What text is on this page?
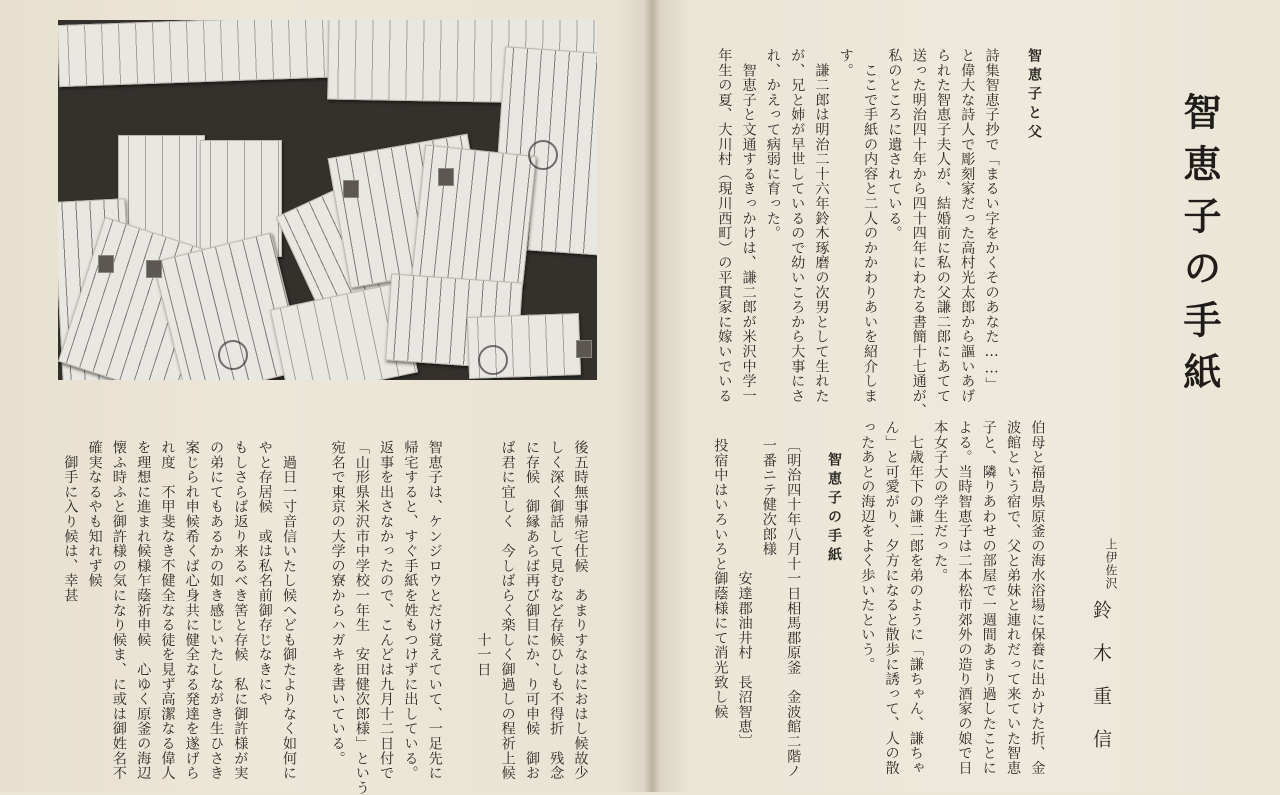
智恵子の手紙

上伊佐沢

鈴木重信

伯母と福島県原釜の海水浴場に保養に出かけた折、金
波館という宿で、父と弟妹と連れだって来ていた智恵
子と、隣りあわせの部屋で一週間あまり過したことに
よる。当時智恵子は二本松市郊外の造り酒家の娘で日
本女子大の学生だった。
　七歳年下の謙二郎を弟のように「謙ちゃん、謙ちゃ
ん」と可愛がり、夕方になると散歩に誘って、人の散
ったあとの海辺をよく歩いたという。

智恵子の手紙

〔明治四十年八月十一日相馬郡原釜　金波館二階ノ
一番ニテ健次郎様　　　　　　　　　　　　　　
　　　　　　　　　安達郡油井村　長沼智恵〕
投宿中はいろいろと御蔭様にて消光致し候

智恵子と父

詩集智恵子抄で「まるい字をかくそのあなた……」
と偉大な詩人で彫刻家だった高村光太郎から謳いあげ
られた智恵子夫人が、結婚前に私の父謙二郎にあてて
送った明治四十年から四十四年にわたる書簡十七通が、
私のところに遺されている。
　ここで手紙の内容と二人のかかわりあいを紹介しま
す。
　謙二郎は明治二十六年鈴木琢磨の次男として生れた
が、兄と姉が早世しているので幼いころから大事にさ
れ、かえって病弱に育った。
　智恵子と文通するきっかけは、謙二郎が米沢中学一
年生の夏、大川村（現川西町）の平貫家に嫁いでいる

後五時無事帰宅仕候　あまりすなはにおはし候故少
しく深く御話して見むなど存候ひしも不得折　残念
に存候　御縁あらば再び御目にか、り可申候　御お
ば君に宜しく　今しばらく楽しく御過しの程祈上候
　　　　　　　　　　　　　十一日

智恵子は、ケンジロウとだけ覚えていて、一足先に
帰宅すると、すぐ手紙を姓もつけずに出している。
返事を出さなかったので、こんどは九月十二日付で
「山形県米沢市中学校一年生　安田健次郎様」という
宛名で東京の大学の寮からハガキを書いている。

　過日一寸音信いたし候へども御たよりなく如何に
やと存居候　或は私名前御存じなきにや
もしさらば返り来るべき筈と存候　私に御許様が実
の弟にてもあるかの如き感じいたしながき生ひさき
案じられ申候希くば心身共に健全なる発達を遂げら
れ度　不甲斐なき不健全なる徒を見ず高潔なる偉人
を理想に進まれ候様乍蔭祈申候　心ゆく原釜の海辺
懐ふ時ふと御許様の気になり候ま、に或は御姓名不
確実なるやも知れず候
　御手に入り候は、幸甚
